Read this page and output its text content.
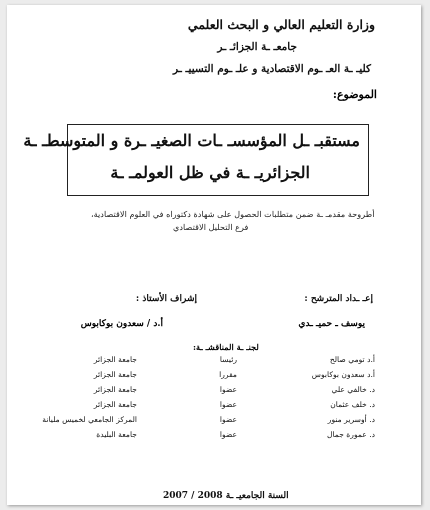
وزارة التعليم العالي و البحث العلمي
جامعـ ـة الجزائـ ـر
كليـ ـة العـ ـوم الاقتصادية و علـ ـوم التسييـ ـر
الموضوع:
مستقبـ ـل المؤسسـ ـات الصغيـ ـرة و المتوسطـ ـة
الجزائريـ ـة في ظل العولمـ ـة
أطروحة مقدمـ ـة ضمن متطلبات الحصول على شهادة دكتوراه في العلوم الاقتصادية،
فرع التحليل الاقتصادي
إعـ ـداد المترشح :
يوسف ـ حميـ ـدي
إشراف الأستاذ :
أ.د / سعدون بوكابوس
لجنـ ـة المناقشـ ـة:
أ.د تومي صالح
رئيسا
جامعة الجزائر
أ.د سعدون بوكابوس
مقررا
جامعة الجزائر
د. خالفي علي
عضوا
جامعة الجزائر
د. خلف عثمان
عضوا
جامعة الجزائر
د. أوسرير منور
عضوا
المركز الجامعي لخميس مليانة
د. عمورة جمال
عضوا
جامعة البليدة
السنة الجامعيـ ـة 2007 / 2008
